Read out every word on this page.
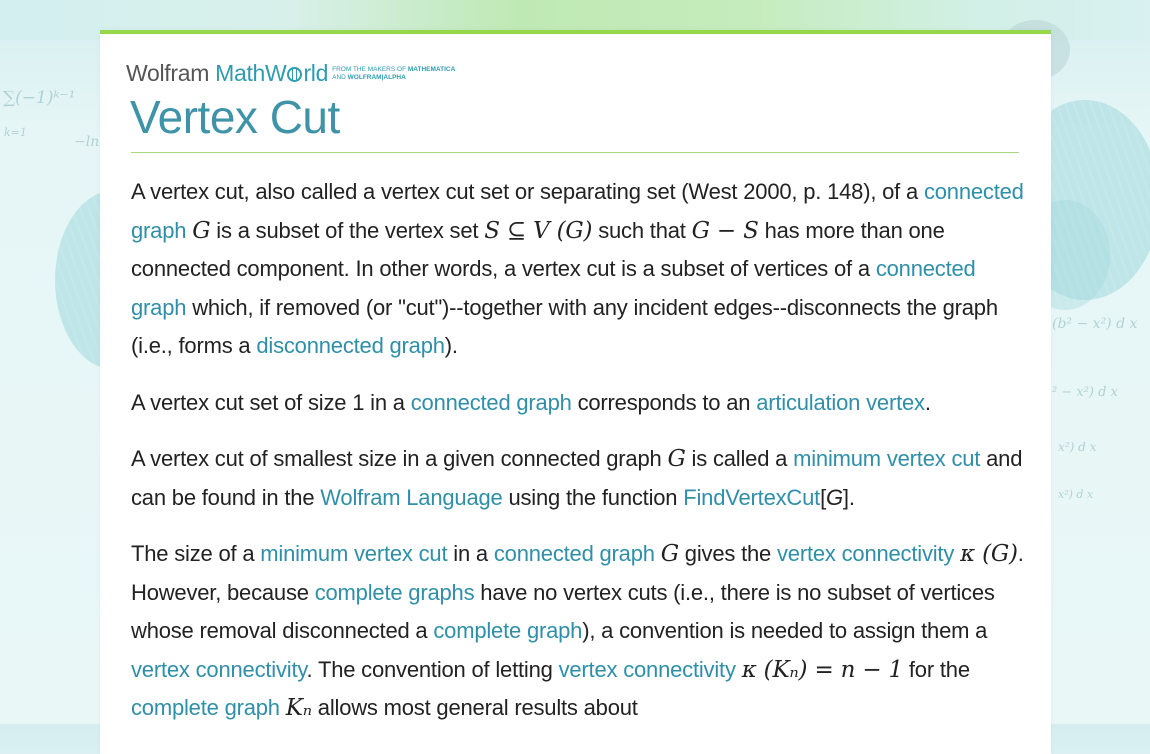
∑(−1)ᵏ⁻¹
k=1
−ln
(b² − x²) d x
² − x²) d x
x²) d x
x²) d x
Wolfram MathW rld FROM THE MAKERS OF MATHEMATICA
AND WOLFRAM|ALPHA
Vertex Cut

A vertex cut, also called a vertex cut set or separating set (West 2000, p. 148), of a connected graph G is a subset of the vertex set S ⊆ V (G) such that G − S has more than one connected component. In other words, a vertex cut is a subset of vertices of a connected graph which, if removed (or "cut")--together with any incident edges--disconnects the graph (i.e., forms a disconnected graph).

A vertex cut set of size 1 in a connected graph corresponds to an articulation vertex.

A vertex cut of smallest size in a given connected graph G is called a minimum vertex cut and can be found in the Wolfram Language using the function FindVertexCut[G].

The size of a minimum vertex cut in a connected graph G gives the vertex connectivity κ (G). However, because complete graphs have no vertex cuts (i.e., there is no subset of vertices whose removal disconnected a complete graph), a convention is needed to assign them a vertex connectivity. The convention of letting vertex connectivity κ (Kₙ) = n − 1 for the complete graph Kₙ allows most general results about
